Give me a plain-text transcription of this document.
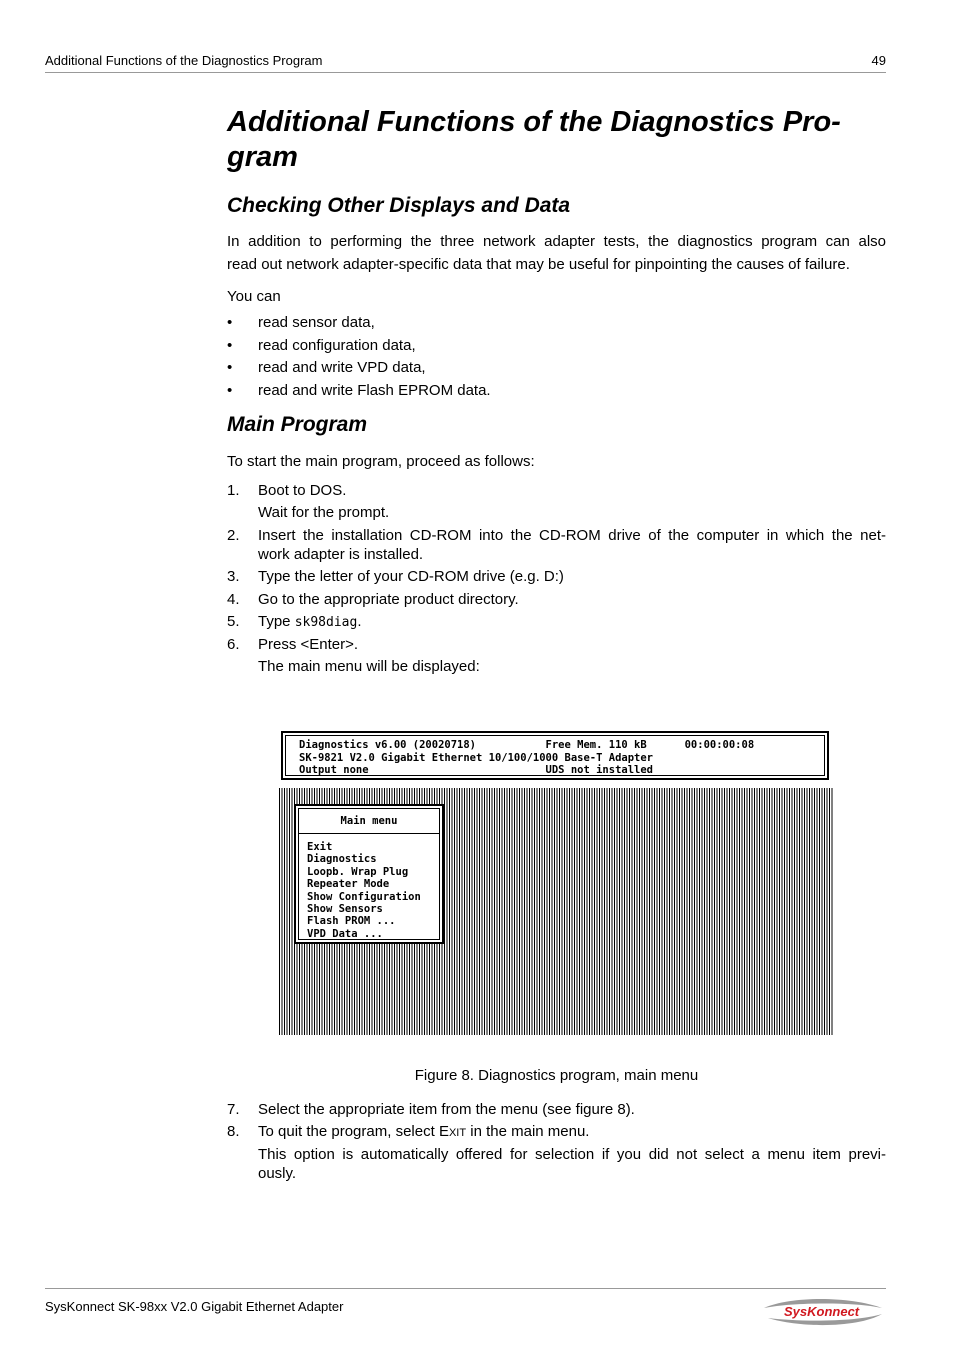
Additional Functions of the Diagnostics Program	49
Additional Functions of the Diagnostics Pro-gram
Checking Other Displays and Data
In addition to performing the three network adapter tests, the diagnostics program can also
read out network adapter-specific data that may be useful for pinpointing the causes of failure.
You can
• read sensor data,
• read configuration data,
• read and write VPD data,
• read and write Flash EPROM data.
Main Program
To start the main program, proceed as follows:
1. Boot to DOS.
Wait for the prompt.
2. Insert the installation CD-ROM into the CD-ROM drive of the computer in which the net-
work adapter is installed.
3. Type the letter of your CD-ROM drive (e.g. D:)
4. Go to the appropriate product directory.
5. Type sk98diag.
6. Press <Enter>.
The main menu will be displayed:
Diagnostics v6.00 (20020718)           Free Mem. 110 kB      00:00:00:08
SK-9821 V2.0 Gigabit Ethernet 10/100/1000 Base-T Adapter
Output none                            UDS not installed
Main menu
Exit
Diagnostics
Loopb. Wrap Plug
Repeater Mode
Show Configuration
Show Sensors
Flash PROM ...
VPD Data ...
Figure 8. Diagnostics program, main menu
7. Select the appropriate item from the menu (see figure 8).
8. To quit the program, select EXIT in the main menu.
This option is automatically offered for selection if you did not select a menu item previ-
ously.
SysKonnect SK-98xx V2.0 Gigabit Ethernet Adapter	SysKonnect
